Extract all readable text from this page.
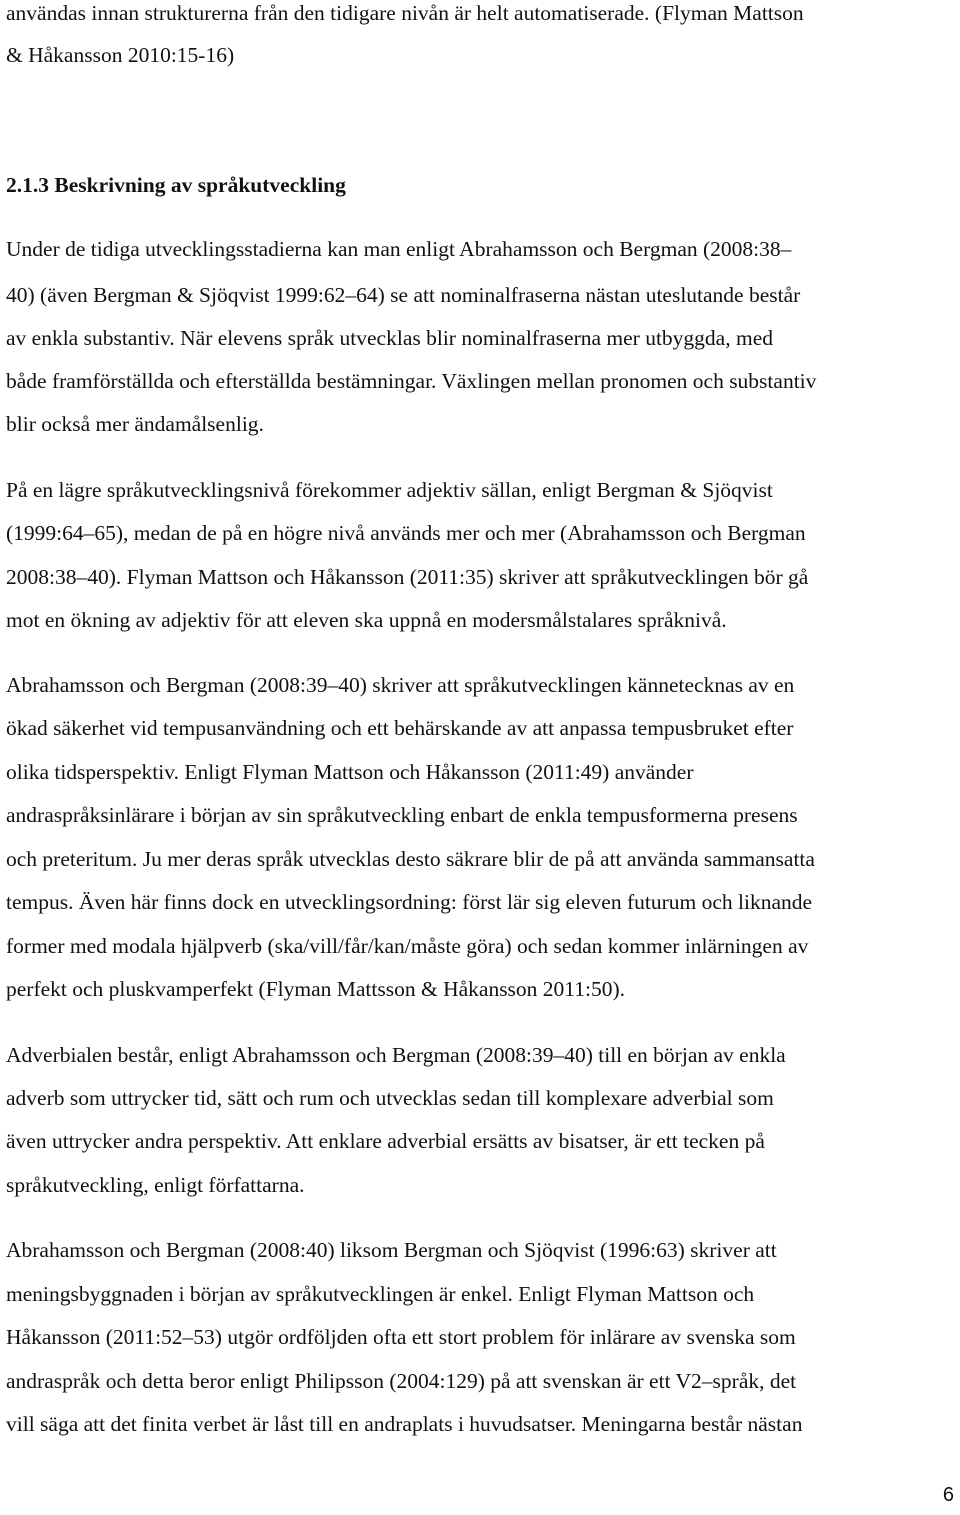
användas innan strukturerna från den tidigare nivån är helt automatiserade. (Flyman Mattson
& Håkansson 2010:15-16)
2.1.3 Beskrivning av språkutveckling
Under de tidiga utvecklingsstadierna kan man enligt Abrahamsson och Bergman (2008:38–
40) (även Bergman & Sjöqvist 1999:62–64) se att nominalfraserna nästan uteslutande består
av enkla substantiv. När elevens språk utvecklas blir nominalfraserna mer utbyggda, med
både framförställda och efterställda bestämningar. Växlingen mellan pronomen och substantiv
blir också mer ändamålsenlig.
På en lägre språkutvecklingsnivå förekommer adjektiv sällan, enligt Bergman & Sjöqvist
(1999:64–65), medan de på en högre nivå används mer och mer (Abrahamsson och Bergman
2008:38–40). Flyman Mattson och Håkansson (2011:35) skriver att språkutvecklingen bör gå
mot en ökning av adjektiv för att eleven ska uppnå en modersmålstalares språknivå.
Abrahamsson och Bergman (2008:39–40) skriver att språkutvecklingen kännetecknas av en
ökad säkerhet vid tempusanvändning och ett behärskande av att anpassa tempusbruket efter
olika tidsperspektiv. Enligt Flyman Mattson och Håkansson (2011:49) använder
andraspråksinlärare i början av sin språkutveckling enbart de enkla tempusformerna presens
och preteritum. Ju mer deras språk utvecklas desto säkrare blir de på att använda sammansatta
tempus. Även här finns dock en utvecklingsordning: först lär sig eleven futurum och liknande
former med modala hjälpverb (ska/vill/får/kan/måste göra) och sedan kommer inlärningen av
perfekt och pluskvamperfekt (Flyman Mattsson & Håkansson 2011:50).
Adverbialen består, enligt Abrahamsson och Bergman (2008:39–40) till en början av enkla
adverb som uttrycker tid, sätt och rum och utvecklas sedan till komplexare adverbial som
även uttrycker andra perspektiv. Att enklare adverbial ersätts av bisatser, är ett tecken på
språkutveckling, enligt författarna.
Abrahamsson och Bergman (2008:40) liksom Bergman och Sjöqvist (1996:63) skriver att
meningsbyggnaden i början av språkutvecklingen är enkel. Enligt Flyman Mattson och
Håkansson (2011:52–53) utgör ordföljden ofta ett stort problem för inlärare av svenska som
andraspråk och detta beror enligt Philipsson (2004:129) på att svenskan är ett V2–språk, det
vill säga att det finita verbet är låst till en andraplats i huvudsatser. Meningarna består nästan
6
